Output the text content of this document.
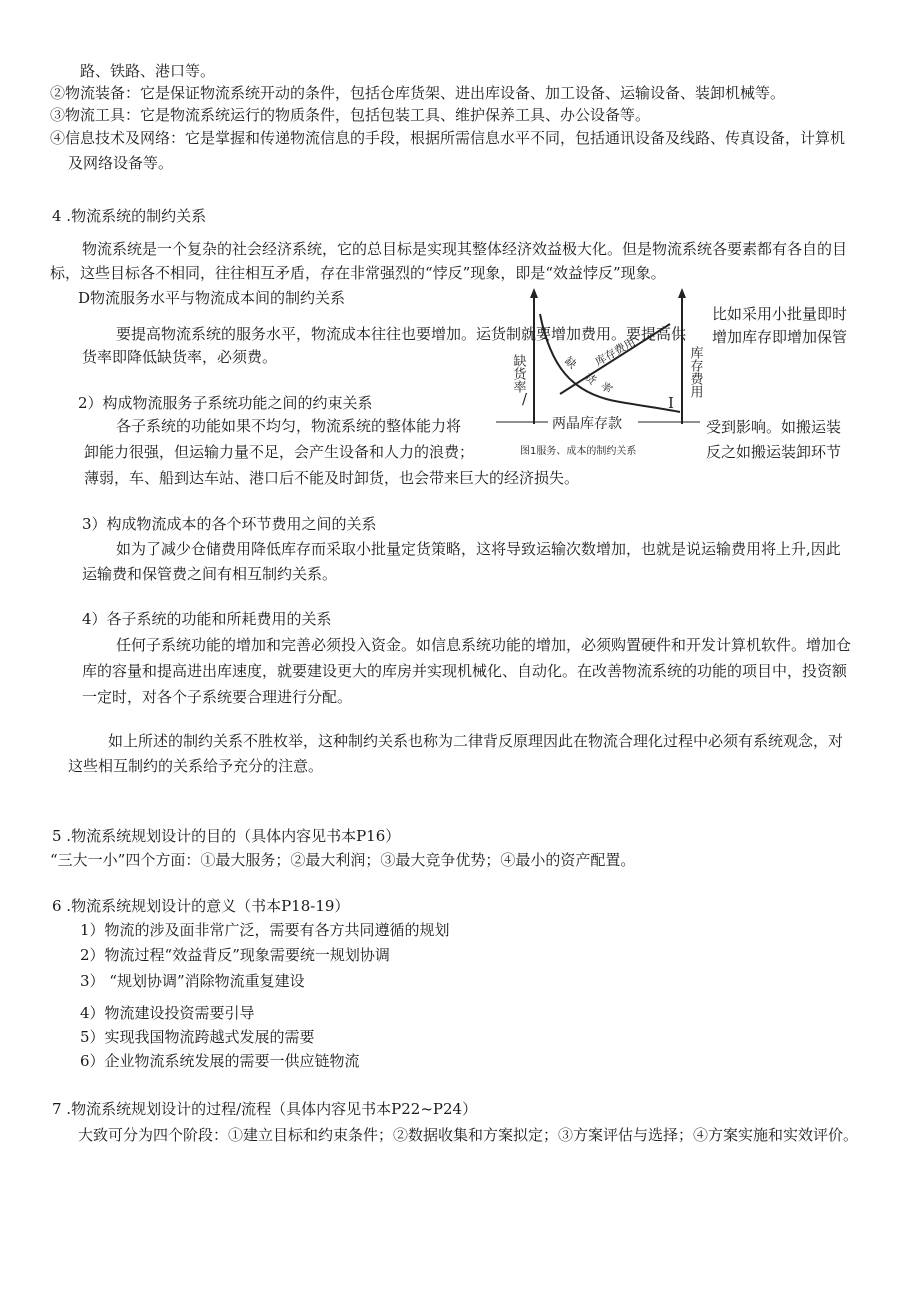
路、铁路、港口等。
②物流装备：它是保证物流系统开动的条件，包括仓库货架、进出库设备、加工设备、运输设备、装卸机械等。
③物流工具：它是物流系统运行的物质条件，包括包装工具、维护保养工具、办公设备等。
④信息技术及网络：它是掌握和传递物流信息的手段，根据所需信息水平不同，包括通讯设备及线路、传真设备，计算机
及网络设备等。
4 .物流系统的制约关系
物流系统是一个复杂的社会经济系统，它的总目标是实现其整体经济效益极大化。但是物流系统各要素都有各自的目
标，这些目标各不相同，往往相互矛盾，存在非常强烈的“悖反”现象，即是“效益悖反”现象。
D物流服务水平与物流成本间的制约关系
要提高物流系统的服务水平，物流成本往往也要增加。运货制就要增加费用。要提高供
货率即降低缺货率，必须费。
2）构成物流服务子系统功能之间的约束关系
各子系统的功能如果不均匀，物流系统的整体能力将
卸能力很强，但运输力量不足，会产生设备和人力的浪费；
薄弱，车、船到达车站、港口后不能及时卸货，也会带来巨大的经济损失。
比如采用小批量即时
增加库存即增加保管
受到影响。如搬运装
反之如搬运装卸环节
缺货率	库存费用
库存费用
缺
货
率
/	I
两晶库存款
图1服务、成本的制约关系
3）构成物流成本的各个环节费用之间的关系
如为了减少仓储费用降低库存而采取小批量定货策略，这将导致运输次数增加，也就是说运输费用将上升,因此
运输费和保管费之间有相互制约关系。
4）各子系统的功能和所耗费用的关系
任何子系统功能的增加和完善必须投入资金。如信息系统功能的增加，必须购置硬件和开发计算机软件。增加仓
库的容量和提高进出库速度，就要建设更大的库房并实现机械化、自动化。在改善物流系统的功能的项目中，投资额
一定时，对各个子系统要合理进行分配。
如上所述的制约关系不胜枚举，这种制约关系也称为二律背反原理因此在物流合理化过程中必须有系统观念，对
这些相互制约的关系给予充分的注意。
5 .物流系统规划设计的目的（具体内容见书本P16）
“三大一小”四个方面：①最大服务；②最大利润；③最大竞争优势；④最小的资产配置。
6 .物流系统规划设计的意义（书本P18-19）
1）物流的涉及面非常广泛，需要有各方共同遵循的规划
2）物流过程“效益背反”现象需要统一规划协调
3） “规划协调”消除物流重复建设
4）物流建设投资需要引导
5）实现我国物流跨越式发展的需要
6）企业物流系统发展的需要一供应链物流
7 .物流系统规划设计的过程/流程（具体内容见书本P22~P24）
大致可分为四个阶段：①建立目标和约束条件；②数据收集和方案拟定；③方案评估与选择；④方案实施和实效评价。
